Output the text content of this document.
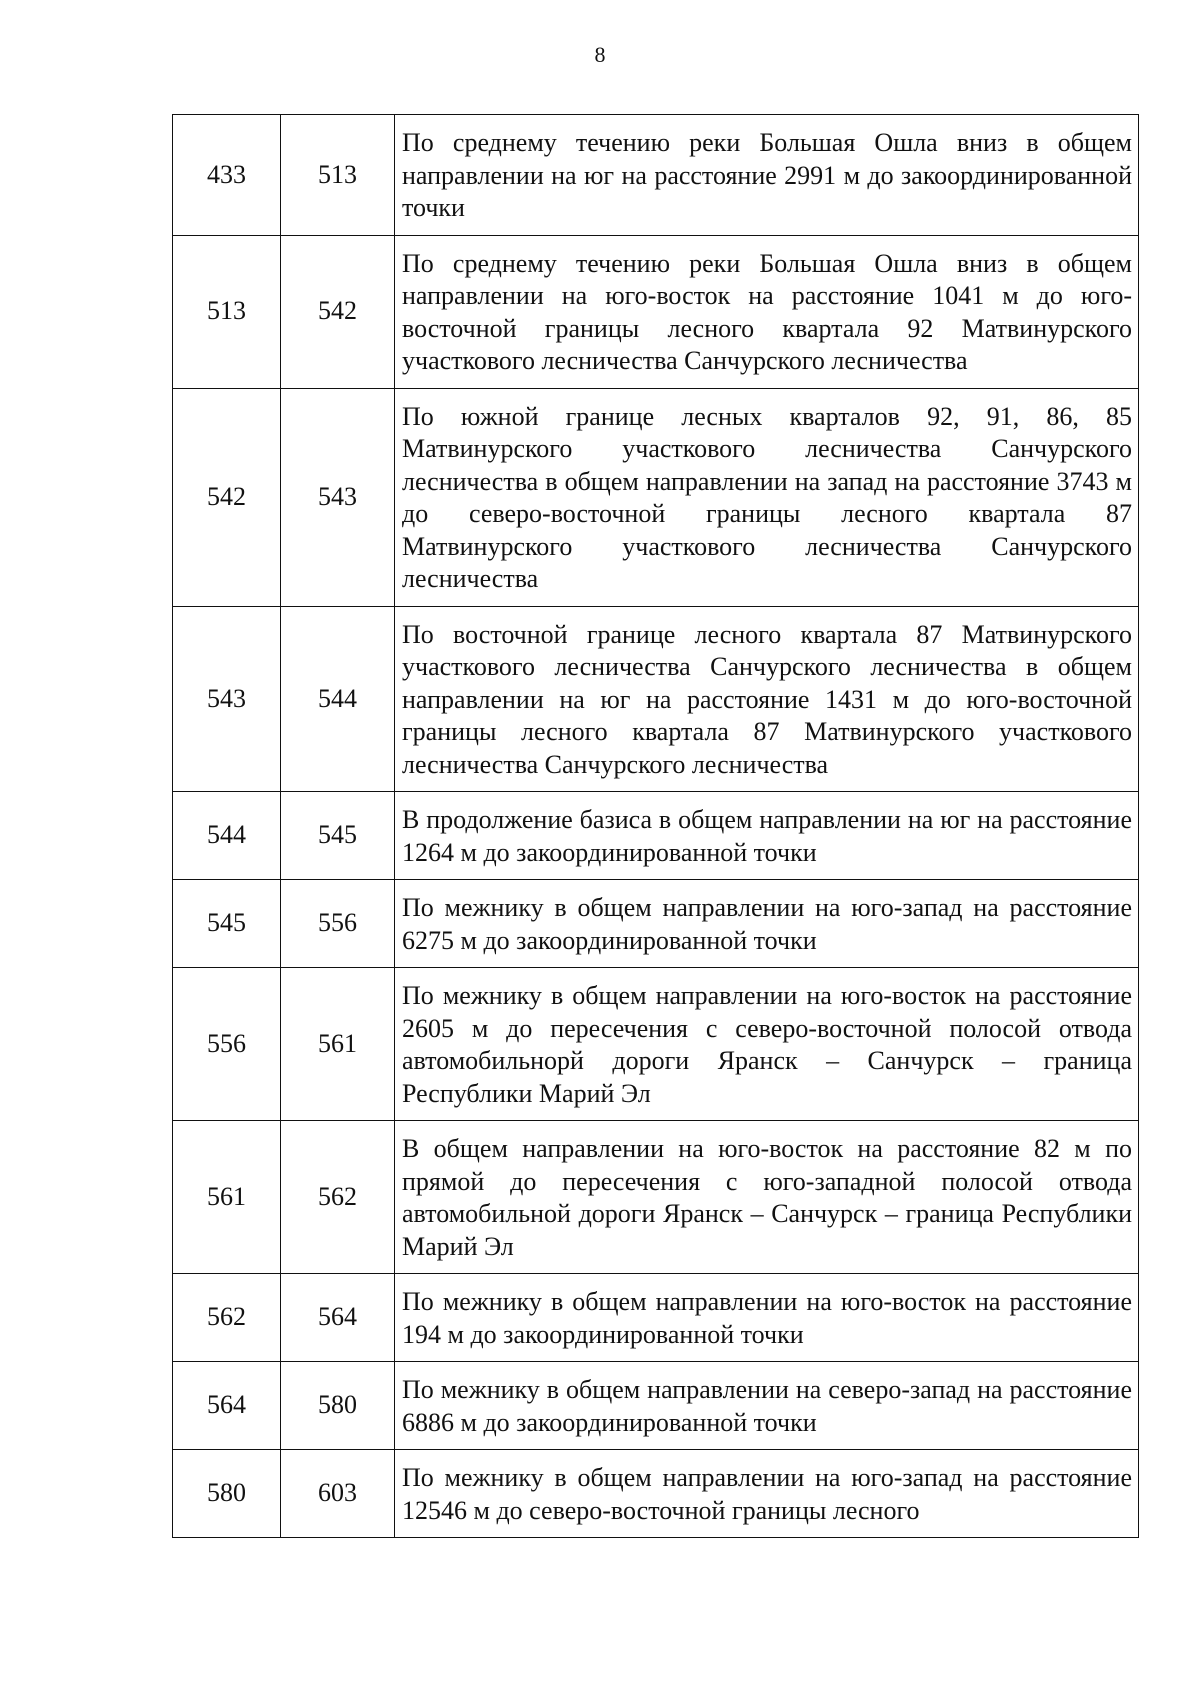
8
433	513	По среднему течению реки Большая Ошла вниз в общем направлении на юг на расстояние 2991 м до закоординированной точки
513	542	По среднему течению реки Большая Ошла вниз в общем направлении на юго-восток на расстояние 1041 м до юго-восточной границы лесного квартала 92 Матвинурского участкового лесничества Санчурского лесничества
542	543	По южной границе лесных кварталов 92, 91, 86, 85 Матвинурского участкового лесничества Санчурского лесничества в общем направлении на запад на расстояние 3743 м до северо-восточной границы лесного квартала 87 Матвинурского участкового лесничества Санчурского лесничества
543	544	По восточной границе лесного квартала 87 Матвинурского участкового лесничества Санчурского лесничества в общем направлении на юг на расстояние 1431 м до юго-восточной границы лесного квартала 87 Матвинурского участкового лесничества Санчурского лесничества
544	545	В продолжение базиса в общем направлении на юг на расстояние 1264 м до закоординированной точки
545	556	По межнику в общем направлении на юго-запад на расстояние 6275 м до закоординированной точки
556	561	По межнику в общем направлении на юго-восток на расстояние 2605 м до пересечения с северо-восточной полосой отвода автомобильнорй дороги Яранск – Санчурск – граница Республики Марий Эл
561	562	В общем направлении на юго-восток на расстояние 82 м по прямой до пересечения с юго-западной полосой отвода автомобильной дороги Яранск – Санчурск – граница Республики Марий Эл
562	564	По межнику в общем направлении на юго-восток на расстояние 194 м до закоординированной точки
564	580	По межнику в общем направлении на северо-запад на расстояние 6886 м до закоординированной точки
580	603	По межнику в общем направлении на юго-запад на расстояние 12546 м до северо-восточной границы лесного
